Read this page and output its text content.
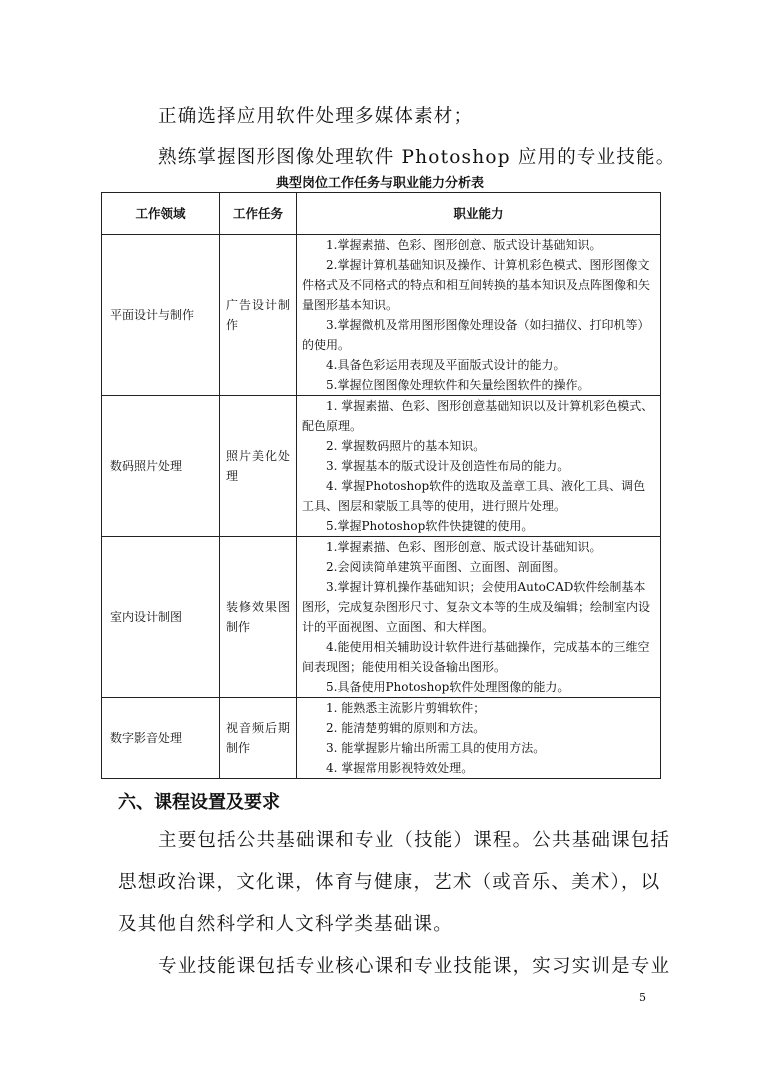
正确选择应用软件处理多媒体素材；

熟练掌握图形图像处理软件 Photoshop 应用的专业技能。

典型岗位工作任务与职业能力分析表
工作领域	工作任务	职业能力
平面设计与制作	广告设计制作	1.掌握素描、色彩、图形创意、版式设计基础知识。
2.掌握计算机基础知识及操作、计算机彩色模式、图形图像文件格式及不同格式的特点和相互间转换的基本知识及点阵图像和矢量图形基本知识。
3.掌握微机及常用图形图像处理设备（如扫描仪、打印机等）的使用。
4.具备色彩运用表现及平面版式设计的能力。
5.掌握位图图像处理软件和矢量绘图软件的操作。

数码照片处理	照片美化处理	1. 掌握素描、色彩、图形创意基础知识以及计算机彩色模式、配色原理。
2. 掌握数码照片的基本知识。
3. 掌握基本的版式设计及创造性布局的能力。
4. 掌握Photoshop软件的选取及盖章工具、液化工具、调色工具、图层和蒙版工具等的使用，进行照片处理。
5.掌握Photoshop软件快捷键的使用。

室内设计制图	装修效果图制作	1.掌握素描、色彩、图形创意、版式设计基础知识。
2.会阅读简单建筑平面图、立面图、剖面图。
3.掌握计算机操作基础知识；会使用AutoCAD软件绘制基本图形，完成复杂图形尺寸、复杂文本等的生成及编辑；绘制室内设计的平面视图、立面图、和大样图。
4.能使用相关辅助设计软件进行基础操作，完成基本的三维空间表现图；能使用相关设备输出图形。
5.具备使用Photoshop软件处理图像的能力。

数字影音处理	视音频后期制作	1. 能熟悉主流影片剪辑软件；
2. 能清楚剪辑的原则和方法。
3. 能掌握影片输出所需工具的使用方法。
4. 掌握常用影视特效处理。
六、课程设置及要求

主要包括公共基础课和专业（技能）课程。公共基础课包括

思想政治课，文化课，体育与健康，艺术（或音乐、美术），以

及其他自然科学和人文科学类基础课。

专业技能课包括专业核心课和专业技能课，实习实训是专业

5
